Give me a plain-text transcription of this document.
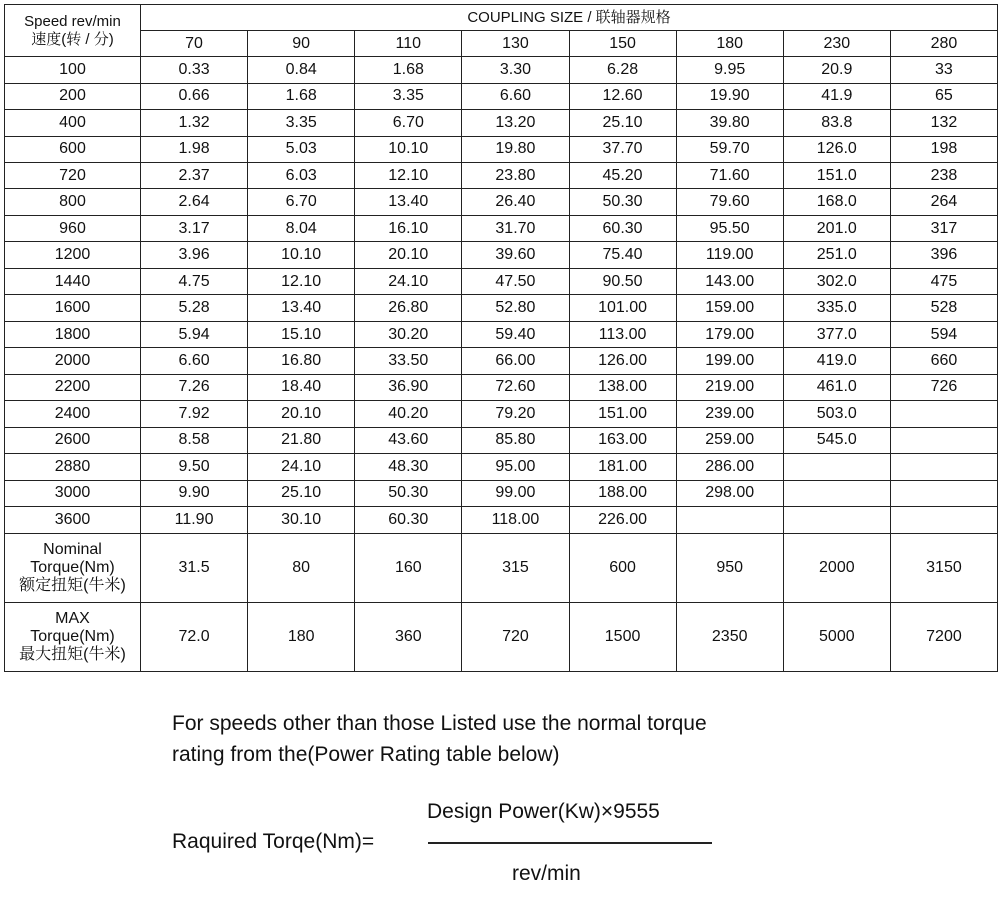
Speed rev/min
速度(转 / 分)	COUPLING SIZE / 联轴器规格							
	70	90	110	130	150	180	230	280
100	0.33	0.84	1.68	3.30	6.28	9.95	20.9	33
200	0.66	1.68	3.35	6.60	12.60	19.90	41.9	65
400	1.32	3.35	6.70	13.20	25.10	39.80	83.8	132
600	1.98	5.03	10.10	19.80	37.70	59.70	126.0	198
720	2.37	6.03	12.10	23.80	45.20	71.60	151.0	238
800	2.64	6.70	13.40	26.40	50.30	79.60	168.0	264
960	3.17	8.04	16.10	31.70	60.30	95.50	201.0	317
1200	3.96	10.10	20.10	39.60	75.40	119.00	251.0	396
1440	4.75	12.10	24.10	47.50	90.50	143.00	302.0	475
1600	5.28	13.40	26.80	52.80	101.00	159.00	335.0	528
1800	5.94	15.10	30.20	59.40	113.00	179.00	377.0	594
2000	6.60	16.80	33.50	66.00	126.00	199.00	419.0	660
2200	7.26	18.40	36.90	72.60	138.00	219.00	461.0	726
2400	7.92	20.10	40.20	79.20	151.00	239.00	503.0	
2600	8.58	21.80	43.60	85.80	163.00	259.00	545.0	
2880	9.50	24.10	48.30	95.00	181.00	286.00		
3000	9.90	25.10	50.30	99.00	188.00	298.00		
3600	11.90	30.10	60.30	118.00	226.00			

Nominal
Torque(Nm)
额定扭矩(牛米)	31.5	80	160	315	600	950	2000	3150

MAX
Torque(Nm)
最大扭矩(牛米)	72.0	180	360	720	1500	2350	5000	7200
For speeds other than those Listed use the normal torque
rating from the(Power Rating table below)
Raquired Torqe(Nm)=
Design Power(Kw)×9555
rev/min
